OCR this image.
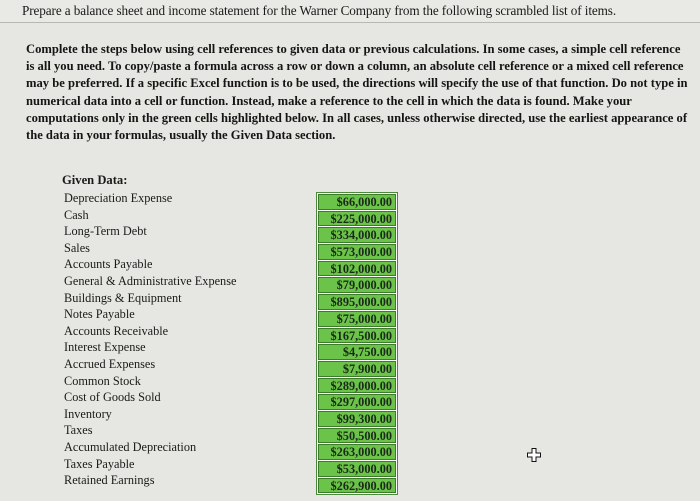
Prepare a balance sheet and income statement for the Warner Company from the following scrambled list of items.
Complete the steps below using cell references to given data or previous calculations. In some cases, a simple cell reference is all you need. To copy/paste a formula across a row or down a column, an absolute cell reference or a mixed cell reference may be preferred. If a specific Excel function is to be used, the directions will specify the use of that function. Do not type in numerical data into a cell or function. Instead, make a reference to the cell in which the data is found. Make your computations only in the green cells highlighted below. In all cases, unless otherwise directed, use the earliest appearance of the data in your formulas, usually the Given Data section.
Given Data:
Depreciation Expense
Cash
Long-Term Debt
Sales
Accounts Payable
General & Administrative Expense
Buildings & Equipment
Notes Payable
Accounts Receivable
Interest Expense
Accrued Expenses
Common Stock
Cost of Goods Sold
Inventory
Taxes
Accumulated Depreciation
Taxes Payable
Retained Earnings
$66,000.00
$225,000.00
$334,000.00
$573,000.00
$102,000.00
$79,000.00
$895,000.00
$75,000.00
$167,500.00
$4,750.00
$7,900.00
$289,000.00
$297,000.00
$99,300.00
$50,500.00
$263,000.00
$53,000.00
$262,900.00
